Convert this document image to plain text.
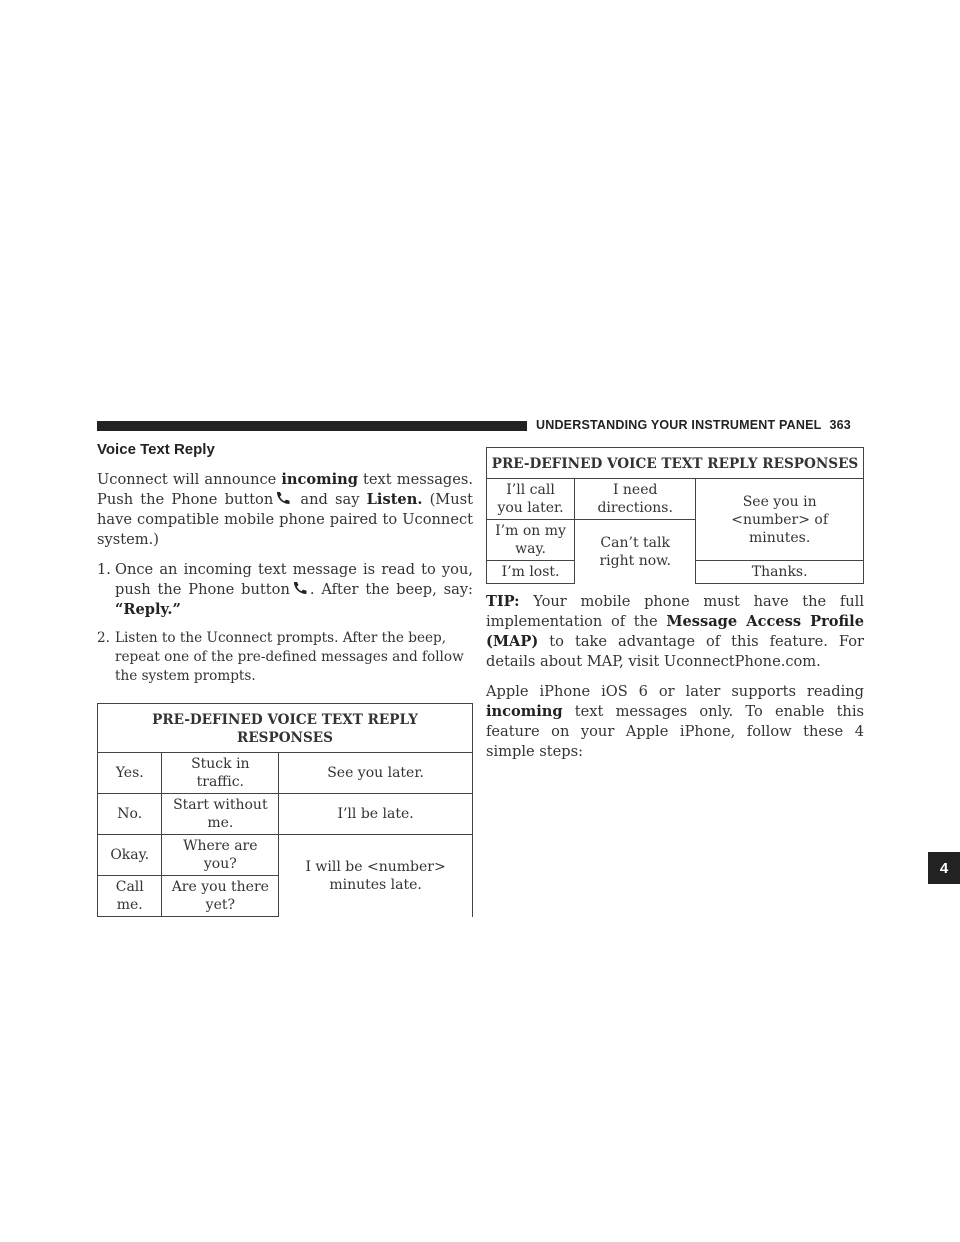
UNDERSTANDING YOUR INSTRUMENT PANEL 363
4
Voice Text Reply

Uconnect will announce incoming text messages. Push the Phone button and say Listen. (Must have compatible mobile phone paired to Uconnect system.)

1. Once an incoming text message is read to you, push the Phone button . After the beep, say: “Reply.”
2. Listen to the Uconnect prompts. After the beep, repeat one of the pre-defined messages and follow the system prompts.
PRE-DEFINED VOICE TEXT REPLY RESPONSES		
Yes.	Stuck in traffic.	See you later.
No.	Start without me.	I’ll be late.
Okay.	Where are you?	I will be <number> minutes late.
Call me.	Are you there yet?	
PRE-DEFINED VOICE TEXT REPLY RESPONSES		
I’ll call you later.	I need directions.	See you in <number> of minutes.
I’m on my way.	Can’t talk right now.	
I’m lost.		Thanks.

TIP: Your mobile phone must have the full implementation of the Message Access Profile (MAP) to take advantage of this feature. For details about MAP, visit UconnectPhone.com.

Apple iPhone iOS 6 or later supports reading incoming text messages only. To enable this feature on your Apple iPhone, follow these 4 simple steps:
